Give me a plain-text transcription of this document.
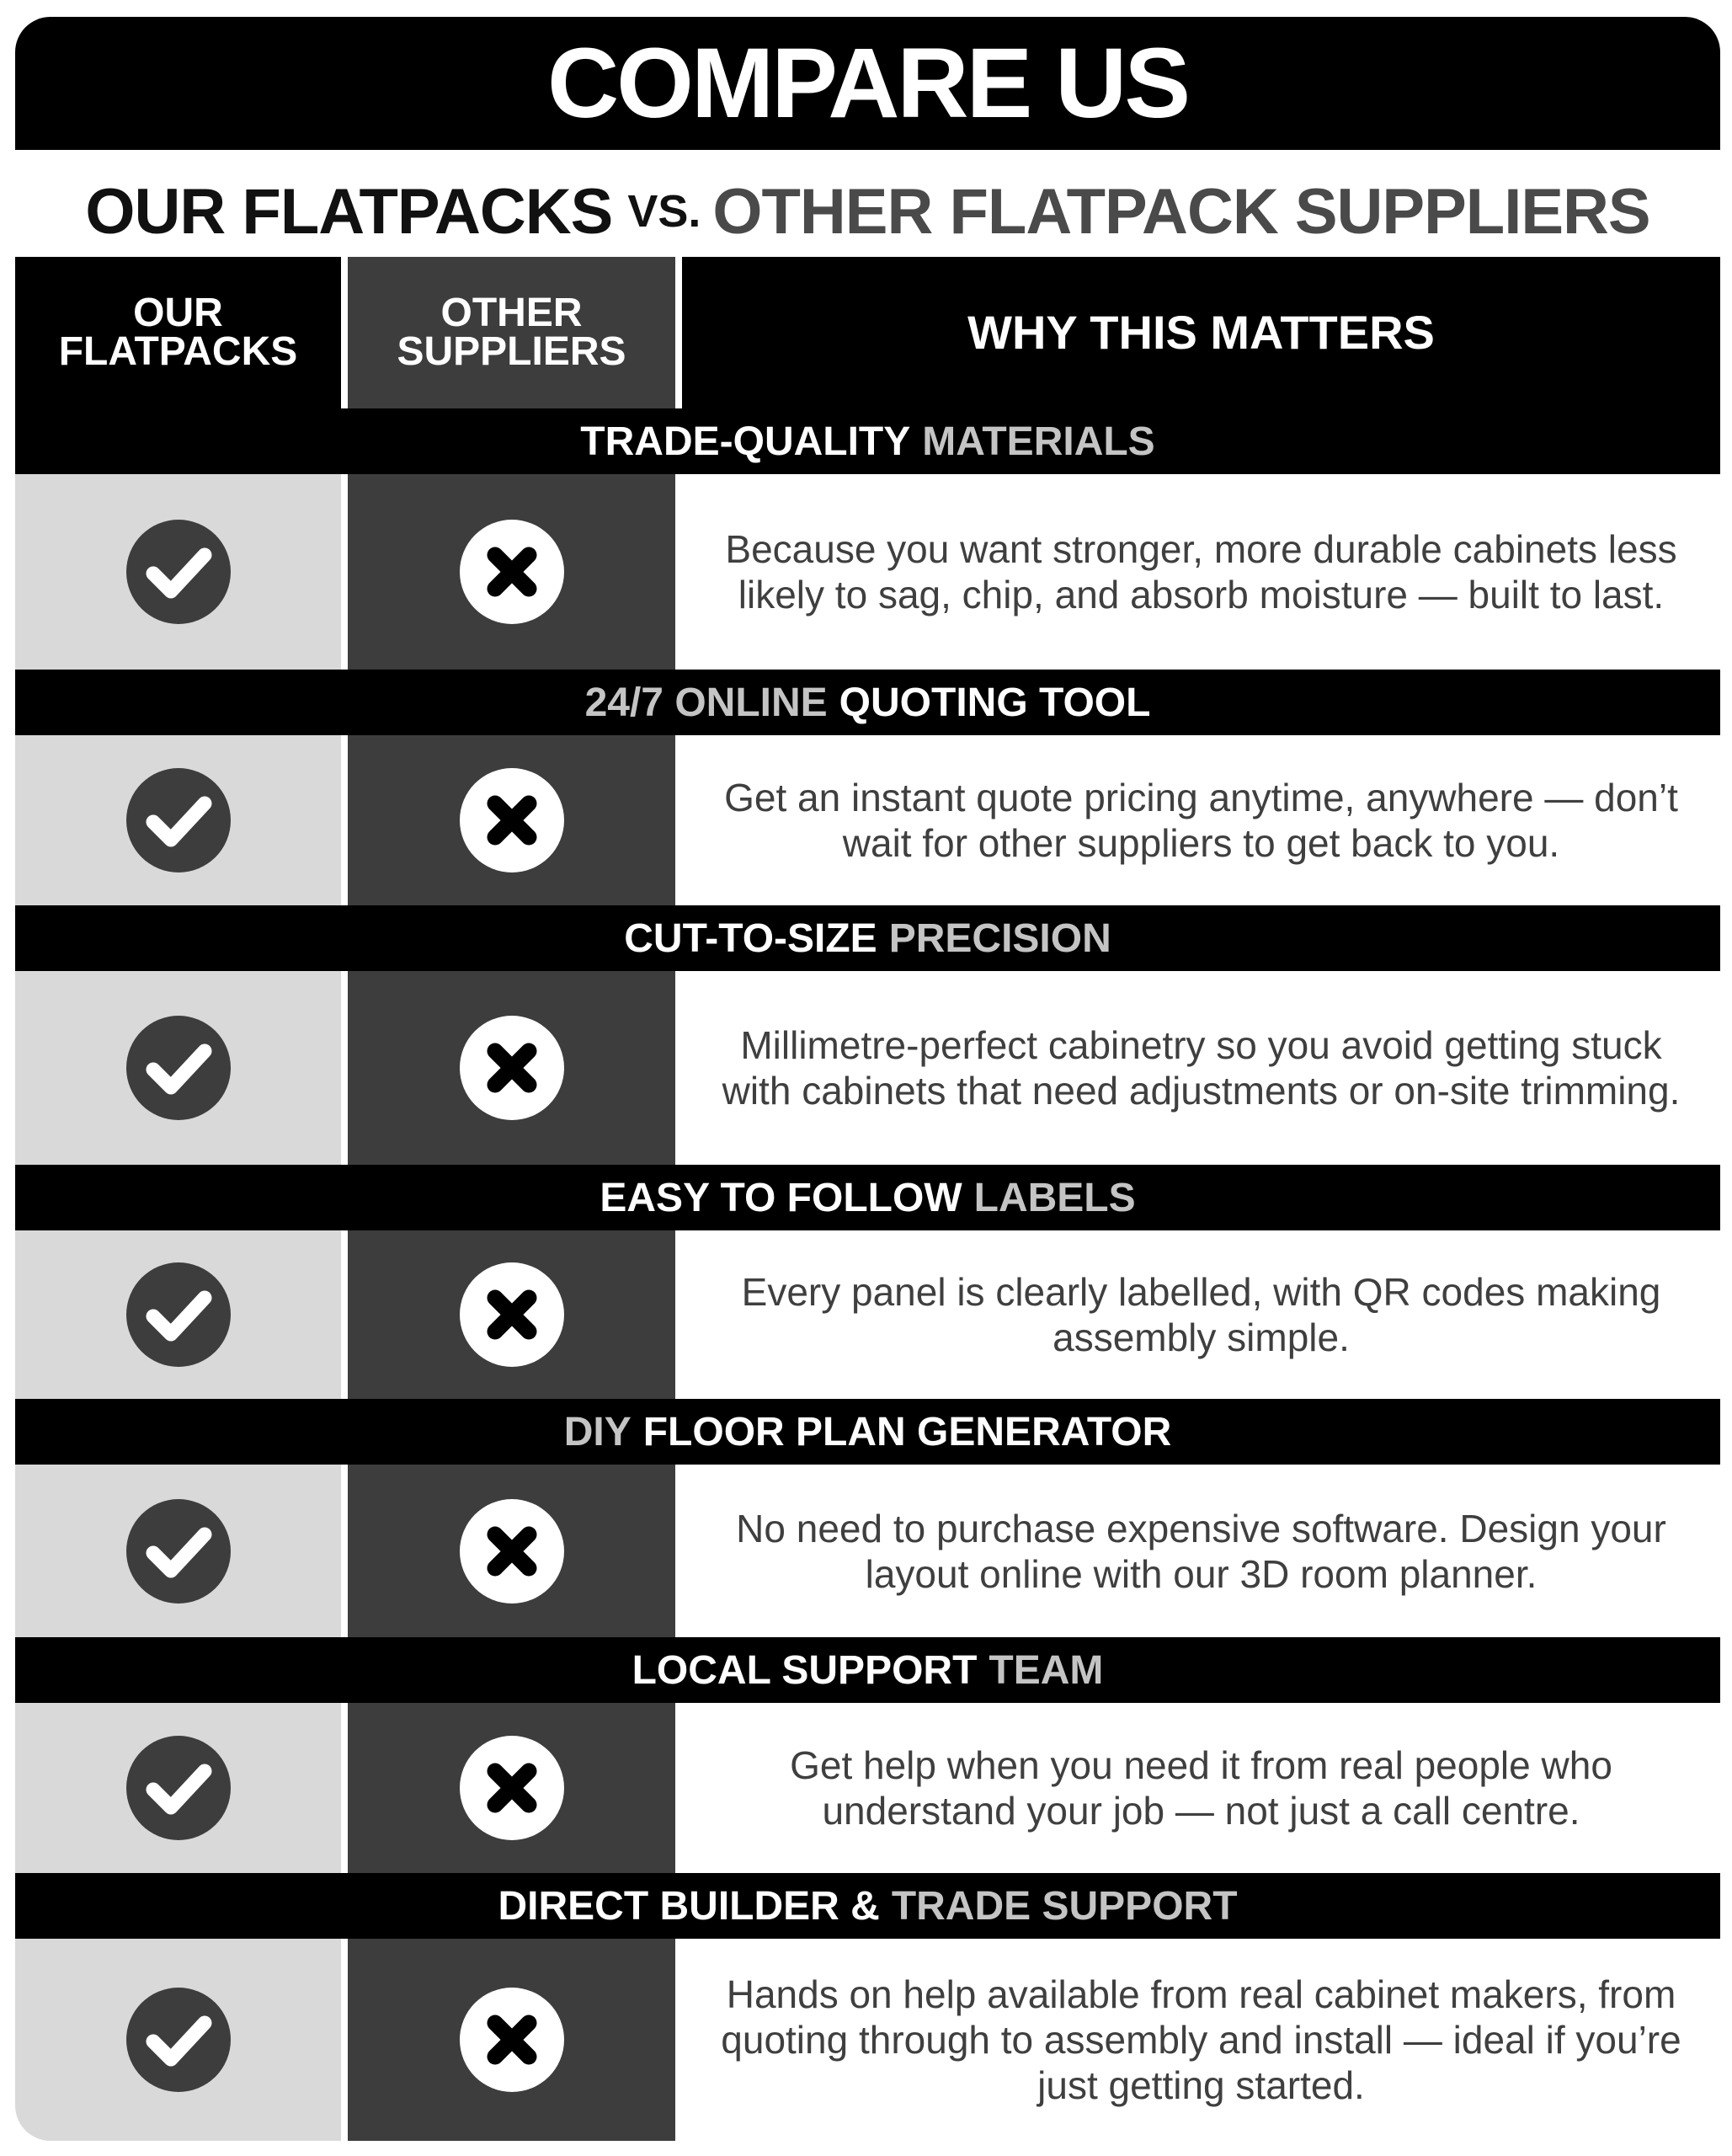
COMPARE US
OUR FLATPACKS VS. OTHER FLATPACK SUPPLIERS
OUR
FLATPACKS
OTHER
SUPPLIERS	WHY THIS MATTERS
TRADE-QUALITY MATERIALS

Because you want stronger, more durable cabinets less likely to sag, chip, and absorb moisture — built to last.

24/7 ONLINE QUOTING TOOL

Get an instant quote pricing anytime, anywhere — don’t wait for other suppliers to get back to you.

CUT-TO-SIZE PRECISION

Millimetre-perfect cabinetry so you avoid getting stuck with cabinets that need adjustments or on-site trimming.

EASY TO FOLLOW LABELS

Every panel is clearly labelled, with QR codes making assembly simple.

DIY FLOOR PLAN GENERATOR

No need to purchase expensive software. Design your layout online with our 3D room planner.

LOCAL SUPPORT TEAM

Get help when you need it from real people who understand your job — not just a call centre.

DIRECT BUILDER & TRADE SUPPORT

Hands on help available from real cabinet makers, from quoting through to assembly and install — ideal if you’re just getting started.
